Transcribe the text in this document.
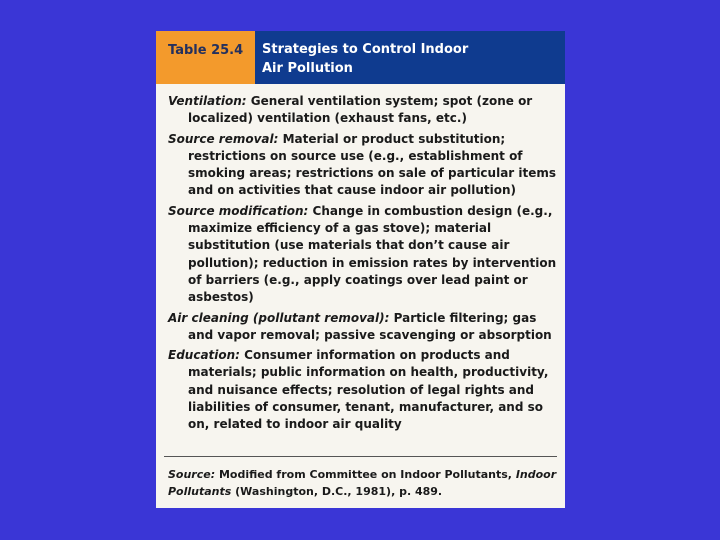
Table 25.4	Strategies to Control Indoor
Air Pollution
Ventilation: General ventilation system; spot (zone or localized) ventilation (exhaust fans, etc.)
Source removal: Material or product substitution; restrictions on source use (e.g., establishment of smoking areas; restrictions on sale of particular items and on activities that cause indoor air pollution)
Source modification: Change in combustion design (e.g., maximize efficiency of a gas stove); material substitution (use materials that don’t cause air pollution); reduction in emission rates by intervention of barriers (e.g., apply coatings over lead paint or asbestos)
Air cleaning (pollutant removal): Particle filtering; gas and vapor removal; passive scavenging or absorption
Education: Consumer information on products and materials; public information on health, productivity, and nuisance effects; resolution of legal rights and liabilities of consumer, tenant, manufacturer, and so on, related to indoor air quality
Source: Modified from Committee on Indoor Pollutants, Indoor Pollutants (Washington, D.C., 1981), p. 489.
